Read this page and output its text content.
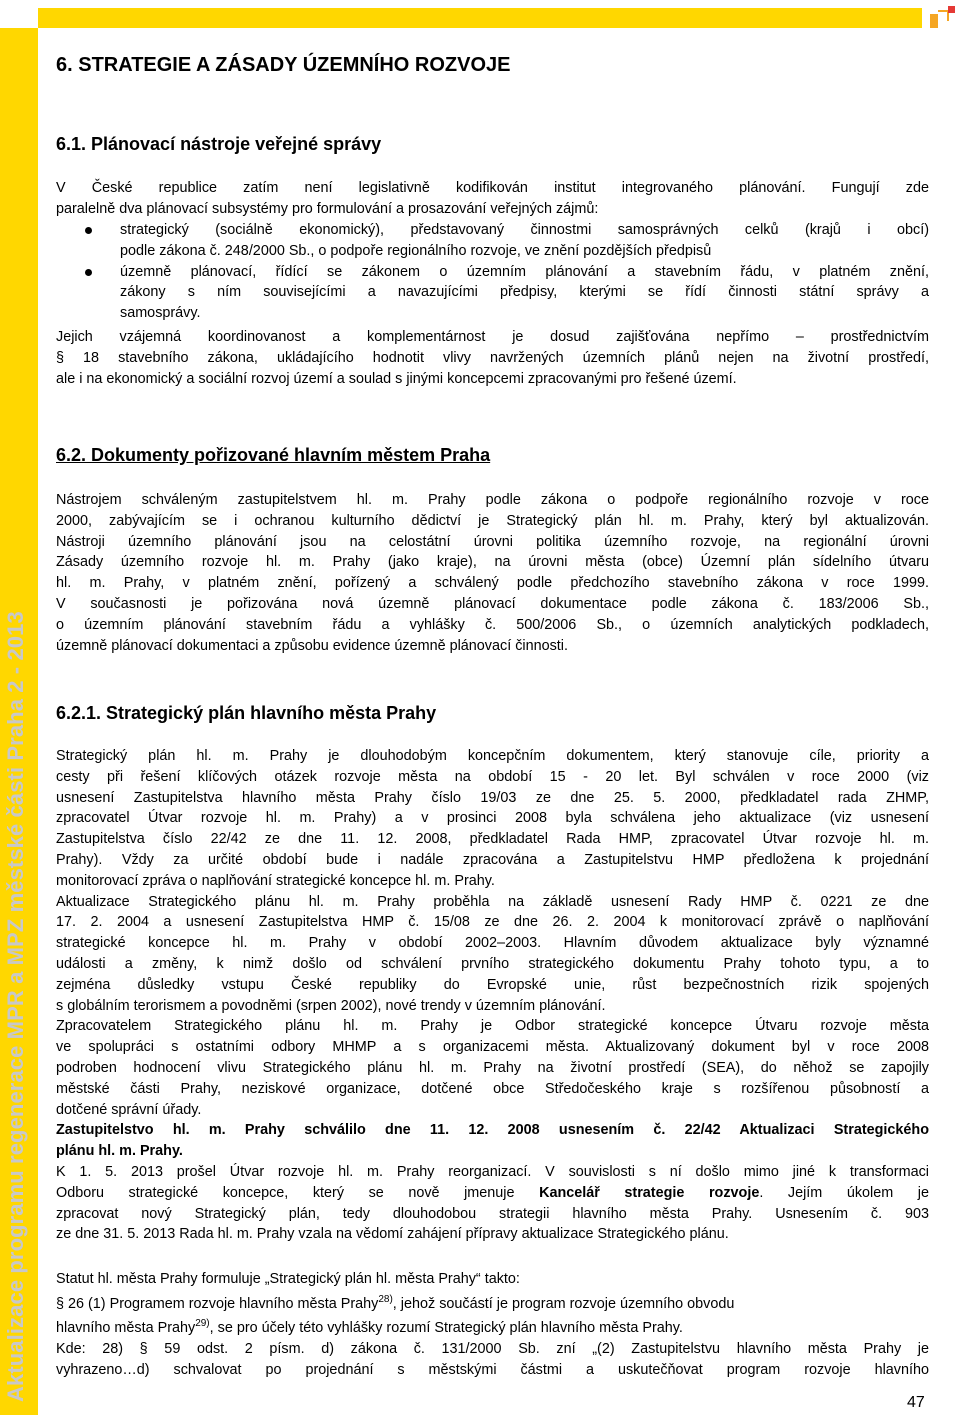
Aktualizace programu regenerace MPR a MPZ městské části Praha 2 - 2013
6. STRATEGIE A ZÁSADY ÚZEMNÍHO ROZVOJE
6.1. Plánovací nástroje veřejné správy
V České republice zatím není legislativně kodifikován institut integrovaného plánování. Fungují zde
paralelně dva plánovací subsystémy pro formulování a prosazování veřejných zájmů:
strategický (sociálně ekonomický), představovaný činnostmi samosprávných celků (krajů i obcí)
podle zákona č. 248/2000 Sb., o podpoře regionálního rozvoje, ve znění pozdějších předpisů
územně plánovací, řídící se zákonem o územním plánování a stavebním řádu, v platném znění,
zákony s ním souvisejícími a navazujícími předpisy, kterými se řídí činnosti státní správy a
samosprávy.
Jejich vzájemná koordinovanost a komplementárnost je dosud zajišťována nepřímo – prostřednictvím
§ 18 stavebního zákona, ukládajícího hodnotit vlivy navržených územních plánů nejen na životní prostředí,
ale i na ekonomický a sociální rozvoj území a soulad s jinými koncepcemi zpracovanými pro řešené území.
6.2. Dokumenty pořizované hlavním městem Praha
Nástrojem schváleným zastupitelstvem hl. m. Prahy podle zákona o podpoře regionálního rozvoje v roce
2000, zabývajícím se i ochranou kulturního dědictví je Strategický plán hl. m. Prahy, který byl aktualizován.
Nástroji územního plánování jsou na celostátní úrovni politika územního rozvoje, na regionální úrovni
Zásady územního rozvoje hl. m. Prahy (jako kraje), na úrovni města (obce) Územní plán sídelního útvaru
hl. m. Prahy, v platném znění, pořízený a schválený podle předchozího stavebního zákona v roce 1999.
V současnosti je pořizována nová územně plánovací dokumentace podle zákona č. 183/2006 Sb.,
o územním plánování stavebním řádu a vyhlášky č. 500/2006 Sb., o územních analytických podkladech,
územně plánovací dokumentaci a způsobu evidence územně plánovací činnosti.
6.2.1. Strategický plán hlavního města Prahy
Strategický plán hl. m. Prahy je dlouhodobým koncepčním dokumentem, který stanovuje cíle, priority a
cesty při řešení klíčových otázek rozvoje města na období 15 - 20 let. Byl schválen v roce 2000 (viz
usnesení Zastupitelstva hlavního města Prahy číslo 19/03 ze dne 25. 5. 2000, předkladatel rada ZHMP,
zpracovatel Útvar rozvoje hl. m. Prahy) a v prosinci 2008 byla schválena jeho aktualizace (viz usnesení
Zastupitelstva číslo 22/42 ze dne 11. 12. 2008, předkladatel Rada HMP, zpracovatel Útvar rozvoje hl. m.
Prahy). Vždy za určité období bude i nadále zpracována a Zastupitelstvu HMP předložena k projednání
monitorovací zpráva o naplňování strategické koncepce hl. m. Prahy.
Aktualizace Strategického plánu hl. m. Prahy proběhla na základě usnesení Rady HMP č. 0221 ze dne
17. 2. 2004 a usnesení Zastupitelstva HMP č. 15/08 ze dne 26. 2. 2004 k monitorovací zprávě o naplňování
strategické koncepce hl. m. Prahy v období 2002–2003. Hlavním důvodem aktualizace byly významné
události a změny, k nimž došlo od schválení prvního strategického dokumentu Prahy tohoto typu, a to
zejména důsledky vstupu České republiky do Evropské unie, růst bezpečnostních rizik spojených
s globálním terorismem a povodněmi (srpen 2002), nové trendy v územním plánování.
Zpracovatelem Strategického plánu hl. m. Prahy je Odbor strategické koncepce Útvaru rozvoje města
ve spolupráci s ostatními odbory MHMP a s organizacemi města. Aktualizovaný dokument byl v roce 2008
podroben hodnocení vlivu Strategického plánu hl. m. Prahy na životní prostředí (SEA), do něhož se zapojily
městské části Prahy, neziskové organizace, dotčené obce Středočeského kraje s rozšířenou působností a
dotčené správní úřady.
Zastupitelstvo hl. m. Prahy schválilo dne 11. 12. 2008 usnesením č. 22/42 Aktualizaci Strategického
plánu hl. m. Prahy.
K 1. 5. 2013 prošel Útvar rozvoje hl. m. Prahy reorganizací. V souvislosti s ní došlo mimo jiné k transformaci
Odboru strategické koncepce, který se nově jmenuje Kancelář strategie rozvoje. Jejím úkolem je
zpracovat nový Strategický plán, tedy dlouhodobou strategii hlavního města Prahy. Usnesením č. 903
ze dne 31. 5. 2013 Rada hl. m. Prahy vzala na vědomí zahájení přípravy aktualizace Strategického plánu.
Statut hl. města Prahy formuluje „Strategický plán hl. města Prahy“ takto:
§ 26 (1) Programem rozvoje hlavního města Prahy$^{28)}$, jehož součástí je program rozvoje územního obvodu
hlavního města Prahy$^{29)}$, se pro účely této vyhlášky rozumí Strategický plán hlavního města Prahy.
Kde: 28) § 59 odst. 2 písm. d) zákona č. 131/2000 Sb. zní „(2) Zastupitelstvu hlavního města Prahy je
vyhrazeno…d) schvalovat po projednání s městskými částmi a uskutečňovat program rozvoje hlavního
47
